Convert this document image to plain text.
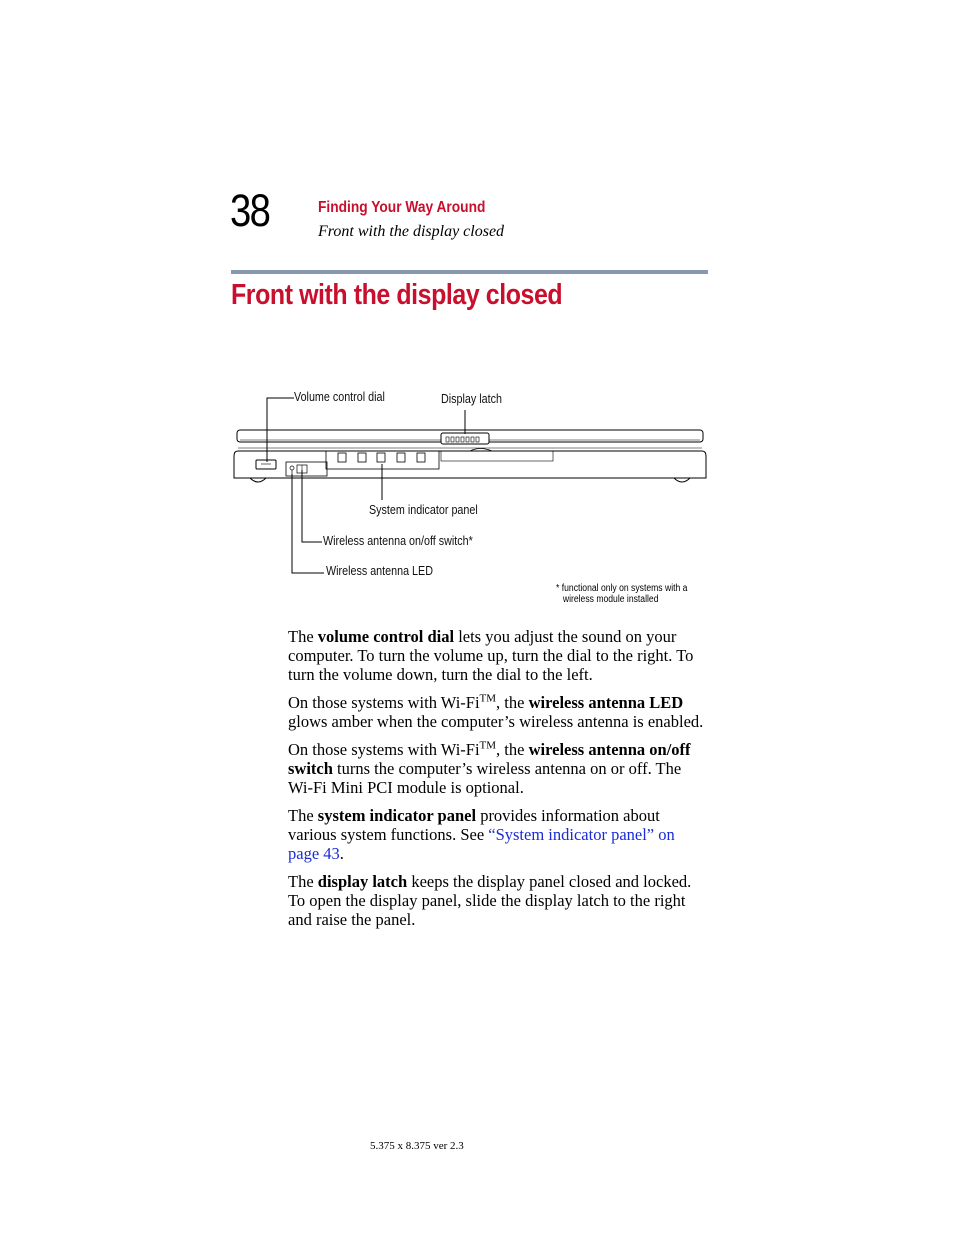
38	Finding Your Way Around
Front with the display closed
Front with the display closed
Volume control dial	Display latch
System indicator panel
Wireless antenna on/off switch*
Wireless antenna LED
* functional only on systems with a
wireless module installed

The volume control dial lets you adjust the sound on your computer. To turn the volume up, turn the dial to the right. To turn the volume down, turn the dial to the left.

On those systems with Wi-Fi™, the wireless antenna LED glows amber when the computer’s wireless antenna is enabled.

On those systems with Wi-Fi™, the wireless antenna on/off switch turns the computer’s wireless antenna on or off. The Wi-Fi Mini PCI module is optional.

The system indicator panel provides information about various system functions. See “System indicator panel” on page 43.

The display latch keeps the display panel closed and locked. To open the display panel, slide the display latch to the right and raise the panel.

5.375 x 8.375 ver 2.3
